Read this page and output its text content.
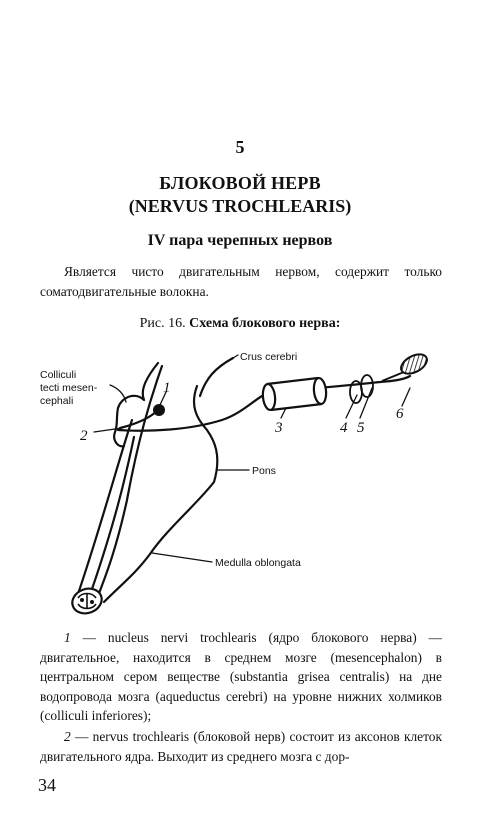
5
БЛОКОВОЙ НЕРВ
(NERVUS TROCHLEARIS)
IV пара черепных нервов
Является чисто двигательным нервом, содержит только соматодвигательные волокна.
Рис. 16. Схема блокового нерва:
Colliculi
tecti mesen-
cephali
Crus cerebri
Pons
Medulla oblongata
1
2	3	4 5
6
1 — nucleus nervi trochlearis (ядро блокового нерва) — двигательное, находится в среднем мозге (mesencephalon) в центральном сером веществе (substantia grisea centralis) на дне водопровода мозга (aqueductus cerebri) на уровне нижних холмиков (colliculi inferiores);
2 — nervus trochlearis (блоковой нерв) состоит из аксонов клеток двигательного ядра. Выходит из среднего мозга с дор-
34
